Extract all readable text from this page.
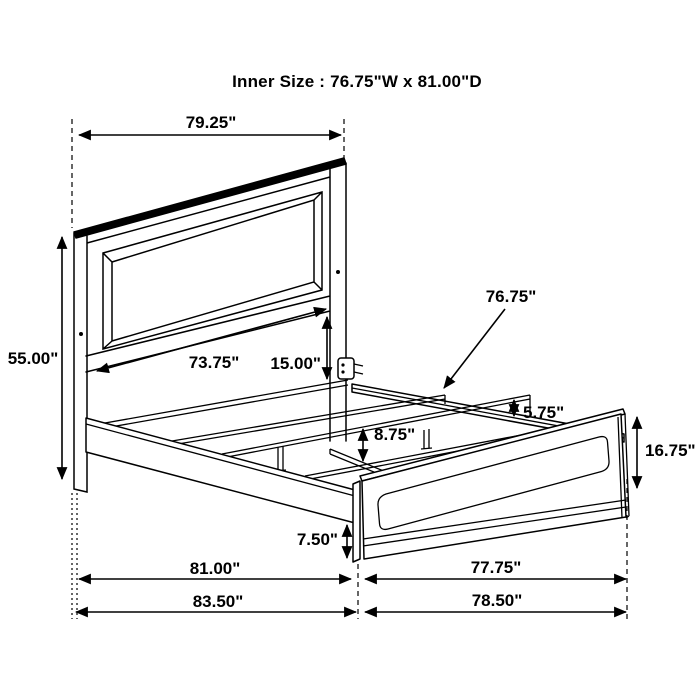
79.25"
55.00"	73.75" 15.00"
76.75"
5.75"
8.75"
16.75"
7.50"
81.00"	77.75"
83.50"	78.50"
Inner Size : 76.75"W x 81.00"D
